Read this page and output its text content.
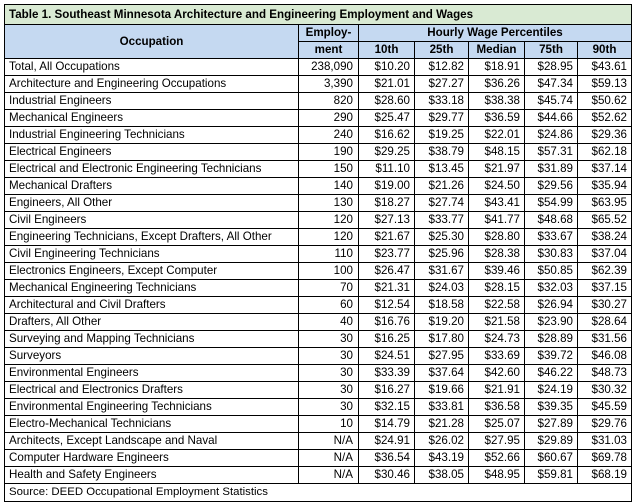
Table 1. Southeast Minnesota Architecture and Engineering Employment and Wages						
Occupation	Employ-	Hourly Wage Percentiles				
	ment	10th	25th	Median	75th	90th
Total, All Occupations	238,090	$10.20	$12.82	$18.91	$28.95	$43.61
Architecture and Engineering Occupations	3,390	$21.01	$27.27	$36.26	$47.34	$59.13
Industrial Engineers	820	$28.60	$33.18	$38.38	$45.74	$50.62
Mechanical Engineers	290	$25.47	$29.77	$36.59	$44.66	$52.62
Industrial Engineering Technicians	240	$16.62	$19.25	$22.01	$24.86	$29.36
Electrical Engineers	190	$29.25	$38.79	$48.15	$57.31	$62.18
Electrical and Electronic Engineering Technicians	150	$11.10	$13.45	$21.97	$31.89	$37.14
Mechanical Drafters	140	$19.00	$21.26	$24.50	$29.56	$35.94
Engineers, All Other	130	$18.27	$27.74	$43.41	$54.99	$63.95
Civil Engineers	120	$27.13	$33.77	$41.77	$48.68	$65.52
Engineering Technicians, Except Drafters, All Other	120	$21.67	$25.30	$28.80	$33.67	$38.24
Civil Engineering Technicians	110	$23.77	$25.96	$28.38	$30.83	$37.04
Electronics Engineers, Except Computer	100	$26.47	$31.67	$39.46	$50.85	$62.39
Mechanical Engineering Technicians	70	$21.31	$24.03	$28.15	$32.03	$37.15
Architectural and Civil Drafters	60	$12.54	$18.58	$22.58	$26.94	$30.27
Drafters, All Other	40	$16.76	$19.20	$21.58	$23.90	$28.64
Surveying and Mapping Technicians	30	$16.25	$17.80	$24.73	$28.89	$31.56
Surveyors	30	$24.51	$27.95	$33.69	$39.72	$46.08
Environmental Engineers	30	$33.39	$37.64	$42.60	$46.22	$48.73
Electrical and Electronics Drafters	30	$16.27	$19.66	$21.91	$24.19	$30.32
Environmental Engineering Technicians	30	$32.15	$33.81	$36.58	$39.35	$45.59
Electro-Mechanical Technicians	10	$14.79	$21.28	$25.07	$27.89	$29.76
Architects, Except Landscape and Naval	N/A	$24.91	$26.02	$27.95	$29.89	$31.03
Computer Hardware Engineers	N/A	$36.54	$43.19	$52.66	$60.67	$69.78
Health and Safety Engineers	N/A	$30.46	$38.05	$48.95	$59.81	$68.19
Source: DEED Occupational Employment Statistics						
